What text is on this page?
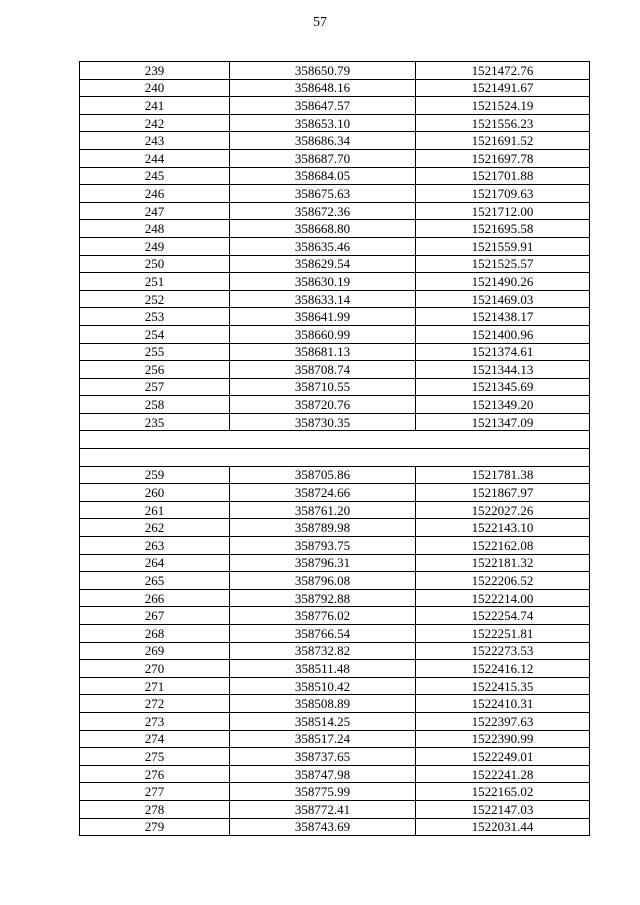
57
239	358650.79	1521472.76
240	358648.16	1521491.67
241	358647.57	1521524.19
242	358653.10	1521556.23
243	358686.34	1521691.52
244	358687.70	1521697.78
245	358684.05	1521701.88
246	358675.63	1521709.63
247	358672.36	1521712.00
248	358668.80	1521695.58
249	358635.46	1521559.91
250	358629.54	1521525.57
251	358630.19	1521490.26
252	358633.14	1521469.03
253	358641.99	1521438.17
254	358660.99	1521400.96
255	358681.13	1521374.61
256	358708.74	1521344.13
257	358710.55	1521345.69
258	358720.76	1521349.20
235	358730.35	1521347.09

259	358705.86	1521781.38
260	358724.66	1521867.97
261	358761.20	1522027.26
262	358789.98	1522143.10
263	358793.75	1522162.08
264	358796.31	1522181.32
265	358796.08	1522206.52
266	358792.88	1522214.00
267	358776.02	1522254.74
268	358766.54	1522251.81
269	358732.82	1522273.53
270	358511.48	1522416.12
271	358510.42	1522415.35
272	358508.89	1522410.31
273	358514.25	1522397.63
274	358517.24	1522390.99
275	358737.65	1522249.01
276	358747.98	1522241.28
277	358775.99	1522165.02
278	358772.41	1522147.03
279	358743.69	1522031.44
